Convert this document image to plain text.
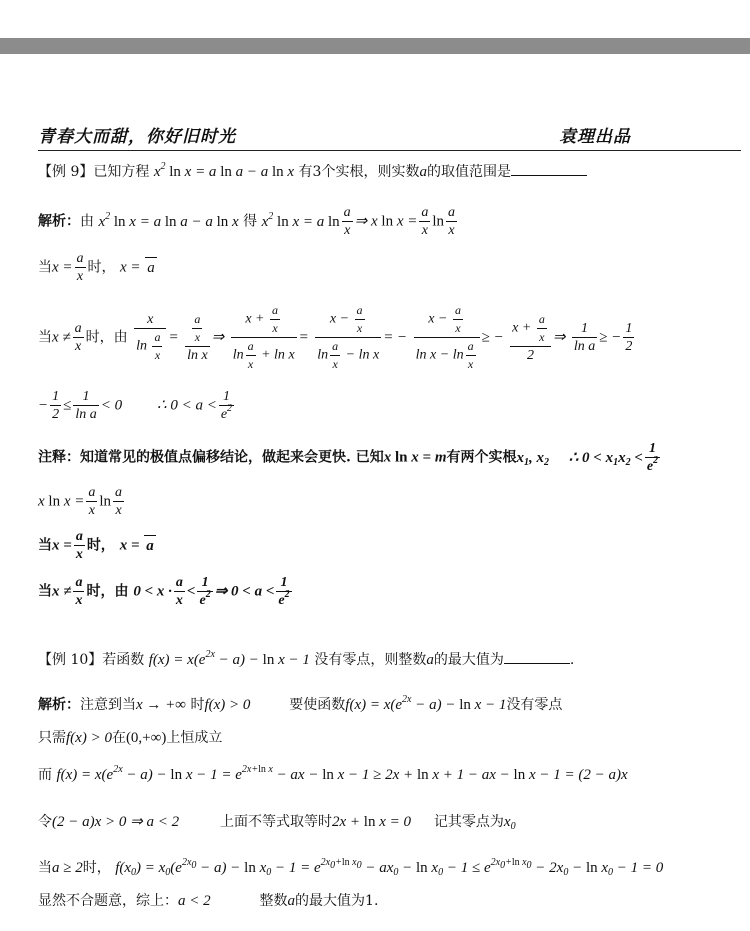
青春大而甜，你好旧时光	袁理出品
【例 9】已知方程 $x^2$ ln x = a ln a − a ln x 有3个实根，则实数a的取值范围是
解析：由 $x^2$ ln x = a ln a − a ln x 得 $x^2$ ln x = a $\ln \frac{a}{x}$ ⇒ x $\ln x = \frac{a}{x}$ $\ln \frac{a}{x}$
当$x = \frac{a}{x}$ 时， x = a
当$x \ne \frac{a}{x}$ 时，由 $\frac{x}{\ln \frac{a}{x}} = \frac{\frac{a}{x}}{\text{ln x}}$ ⇒ $\frac{x + \frac{a}{x}}{\ln \frac{a}{x} + \ln x} = \frac{x - \frac{a}{x}}{\ln \frac{a}{x} - \ln x}$ = − $\frac{x - \frac{a}{x}}{\ln x - \ln \frac{a}{x}}$ ≥ − $\frac{x + \frac{a}{x}}{2}$ ⇒ $\frac{1}{\text{ln a}}$ ≥ − $\frac{1}{2}$
− $\frac{1}{2} \le \frac{1}{\text{ln a}} < 0$ ∴ $0 < a < \frac{1}{e^2}$
注释：知道常见的极值点偏移结论，做起来会更快. 已知x ln x = m有两个实根$x_1$, $x_2$ ∴ $0 < x_1x_2 < \frac{1}{e^2}$
x $\ln x = \frac{a}{x}$ $\ln \frac{a}{x}$
当$x = \frac{a}{x}$ 时， x = a
当$x \ne \frac{a}{x}$ 时，由 $0 < x \cdot \frac{a}{x} < \frac{1}{e^2}$ ⇒ $0 < a < \frac{1}{e^2}$
【例 10】若函数 $f(x) = x(e^{2x} - a) - \ln x - 1$ 没有零点，则整数a的最大值为	.
解析：注意到当x → +∞ 时f(x) > 0	要使函数$f(x) = x(e^{2x} - a) - \ln x - 1$没有零点
只需f(x) > 0在(0,+∞)上恒成立
而 $f(x) = x(e^{2x} - a) - \ln x - 1 = e^{2x+ln x}$ − ax − ln x − 1 ≥ 2x + ln x + 1 − ax − ln x − 1 = (2 − a)x
令(2 − a)x > 0 ⇒ a < 2	上面不等式取等时2x + ln x = 0 记其零点为$x_0$
当a ≥ 2时， $f(x_0) = x_0(e^{2x_0} - a) - \ln x_0 - 1 = e^{2x_0+ln x_0} - ax_0 - \ln x_0 - 1 \le e^{2x_0+ln x_0} - 2x_0 - \ln x_0 - 1 = 0$
显然不合题意，综上：a < 2	整数a的最大值为1.
